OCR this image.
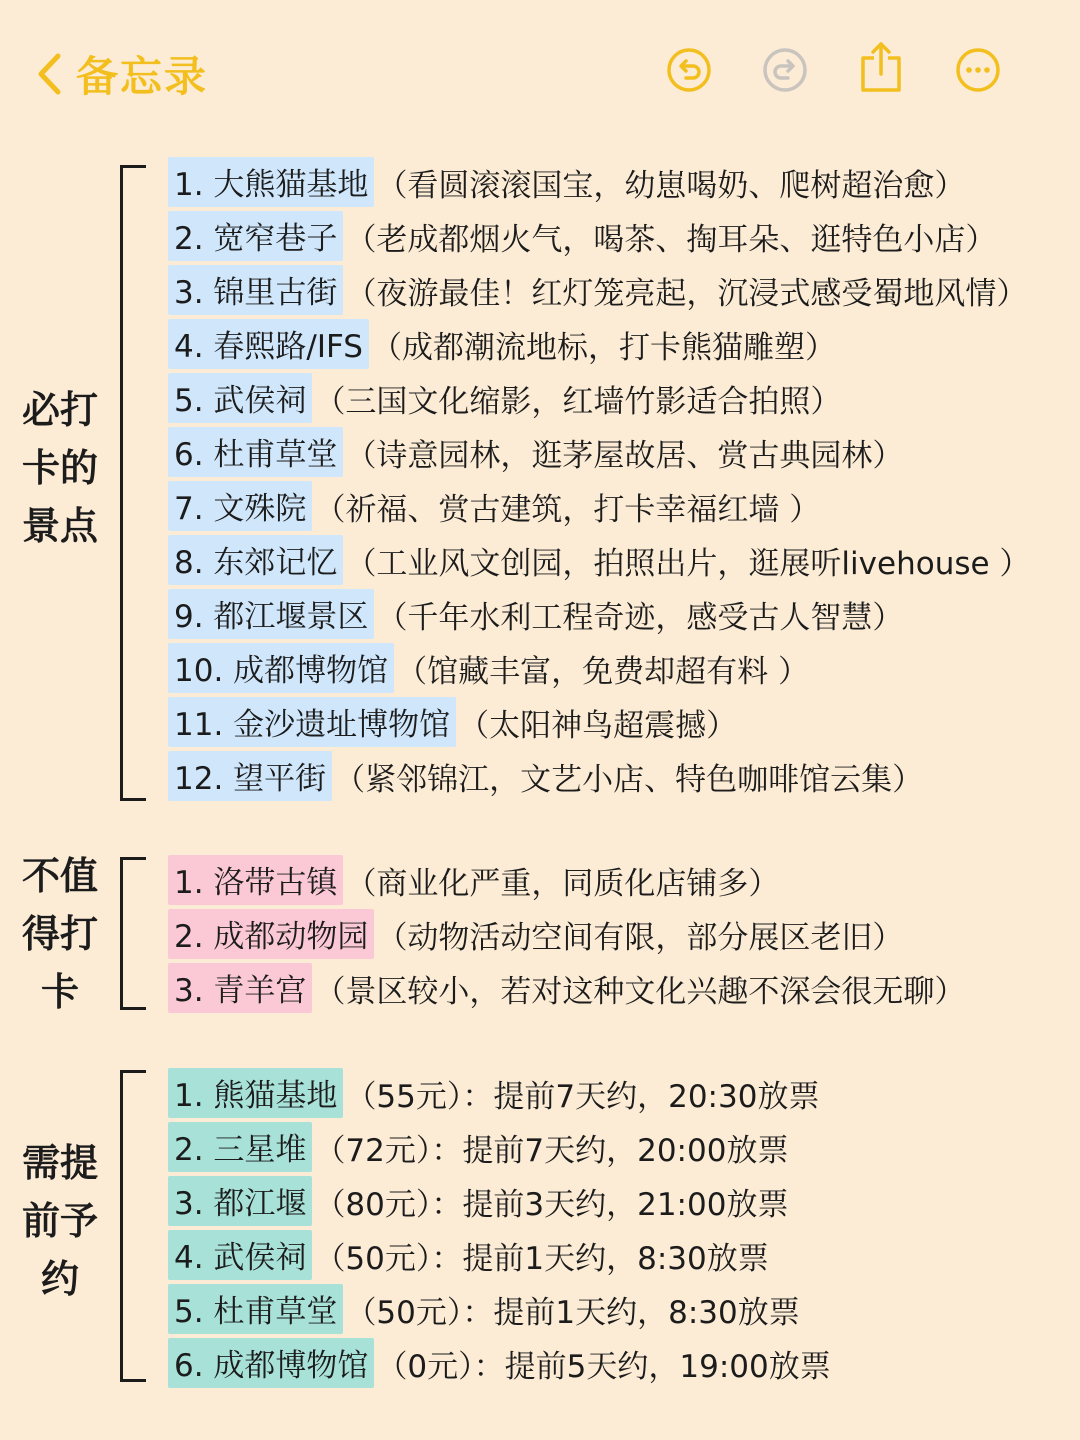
备忘录
必打卡的景点
1. 大熊猫基地 （看圆滚滚国宝，幼崽喝奶、爬树超治愈）
2. 宽窄巷子 （老成都烟火气，喝茶、掏耳朵、逛特色小店）
3. 锦里古街 （夜游最佳！红灯笼亮起，沉浸式感受蜀地风情）
4. 春熙路/IFS （成都潮流地标，打卡熊猫雕塑）
5. 武侯祠 （三国文化缩影，红墙竹影适合拍照）
6. 杜甫草堂 （诗意园林，逛茅屋故居、赏古典园林）
7. 文殊院 （祈福、赏古建筑，打卡幸福红墙 ）
8. 东郊记忆 （工业风文创园，拍照出片，逛展听livehouse ）
9. 都江堰景区 （千年水利工程奇迹，感受古人智慧）
10. 成都博物馆 （馆藏丰富，免费却超有料 ）
11. 金沙遗址博物馆 （太阳神鸟超震撼）
12. 望平街 （紧邻锦江，文艺小店、特色咖啡馆云集）
不值得打卡
1. 洛带古镇 （商业化严重，同质化店铺多）
2. 成都动物园 （动物活动空间有限，部分展区老旧）
3. 青羊宫 （景区较小，若对这种文化兴趣不深会很无聊）
需提前予约
1. 熊猫基地 （55元）：提前7天约，20:30放票
2. 三星堆 （72元）：提前7天约，20:00放票
3. 都江堰 （80元）：提前3天约，21:00放票
4. 武侯祠 （50元）：提前1天约，8:30放票
5. 杜甫草堂 （50元）：提前1天约，8:30放票
6. 成都博物馆 （0元）：提前5天约，19:00放票
